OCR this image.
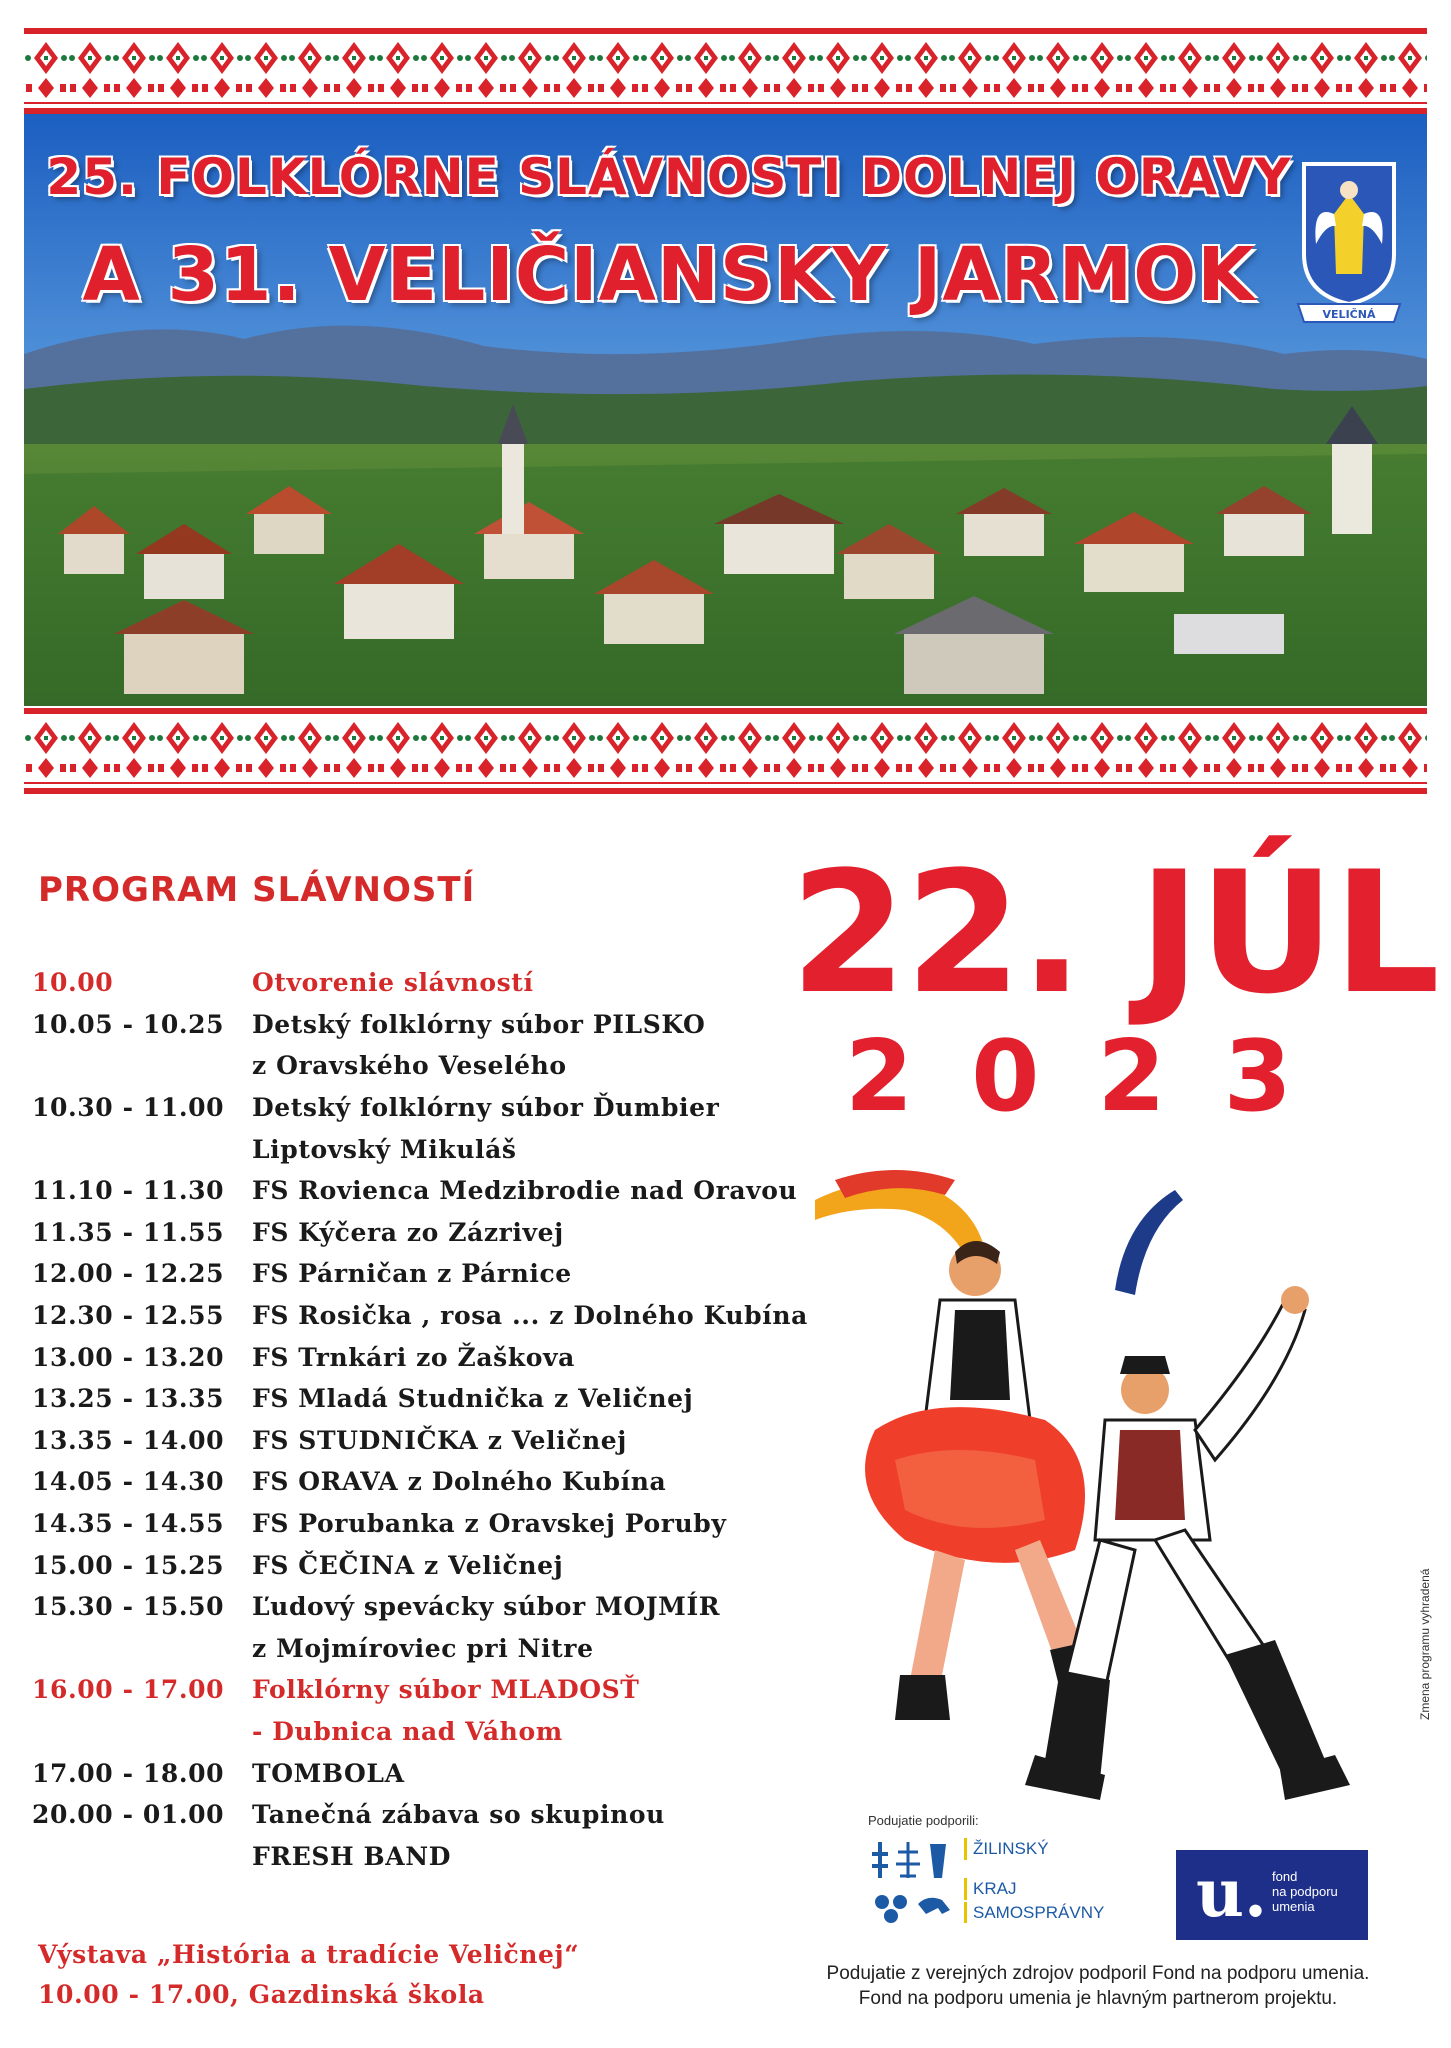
25. FOLKLÓRNE SLÁVNOSTI DOLNEJ ORAVY
A 31. VELIČIANSKY JARMOK	VELIČNÁ
PROGRAM SLÁVNOSTÍ
10.00	Otvorenie slávností
10.05 - 10.25	Detský folklórny súbor PILSKO
z Oravského Veselého
10.30 - 11.00	Detský folklórny súbor Ďumbier
Liptovský Mikuláš
11.10 - 11.30	FS Rovienca Medzibrodie nad Oravou
11.35 - 11.55	FS Kýčera zo Zázrivej
12.00 - 12.25	FS Párničan z Párnice
12.30 - 12.55	FS Rosička , rosa ... z Dolného Kubína
13.00 - 13.20	FS Trnkári zo Žaškova
13.25 - 13.35	FS Mladá Studnička z Veličnej
13.35 - 14.00	FS STUDNIČKA z Veličnej
14.05 - 14.30	FS ORAVA z Dolného Kubína
14.35 - 14.55	FS Porubanka z Oravskej Poruby
15.00 - 15.25	FS ČEČINA z Veličnej
15.30 - 15.50	Ľudový spevácky súbor MOJMÍR
z Mojmíroviec pri Nitre
16.00 - 17.00	Folklórny súbor MLADOSŤ
- Dubnica nad Váhom
17.00 - 18.00	TOMBOLA
20.00 - 01.00	Tanečná zábava so skupinou
FRESH BAND
22. JÚL
2023
Zmena programu vyhradená
Podujatie podporili:
ŽILINSKÝ
KRAJ
SAMOSPRÁVNY u. fond
na podporu
umenia
Podujatie z verejných zdrojov podporil Fond na podporu umenia.
Fond na podporu umenia je hlavným partnerom projektu.
Výstava „História a tradície Veličnej“
10.00 - 17.00, Gazdinská škola
